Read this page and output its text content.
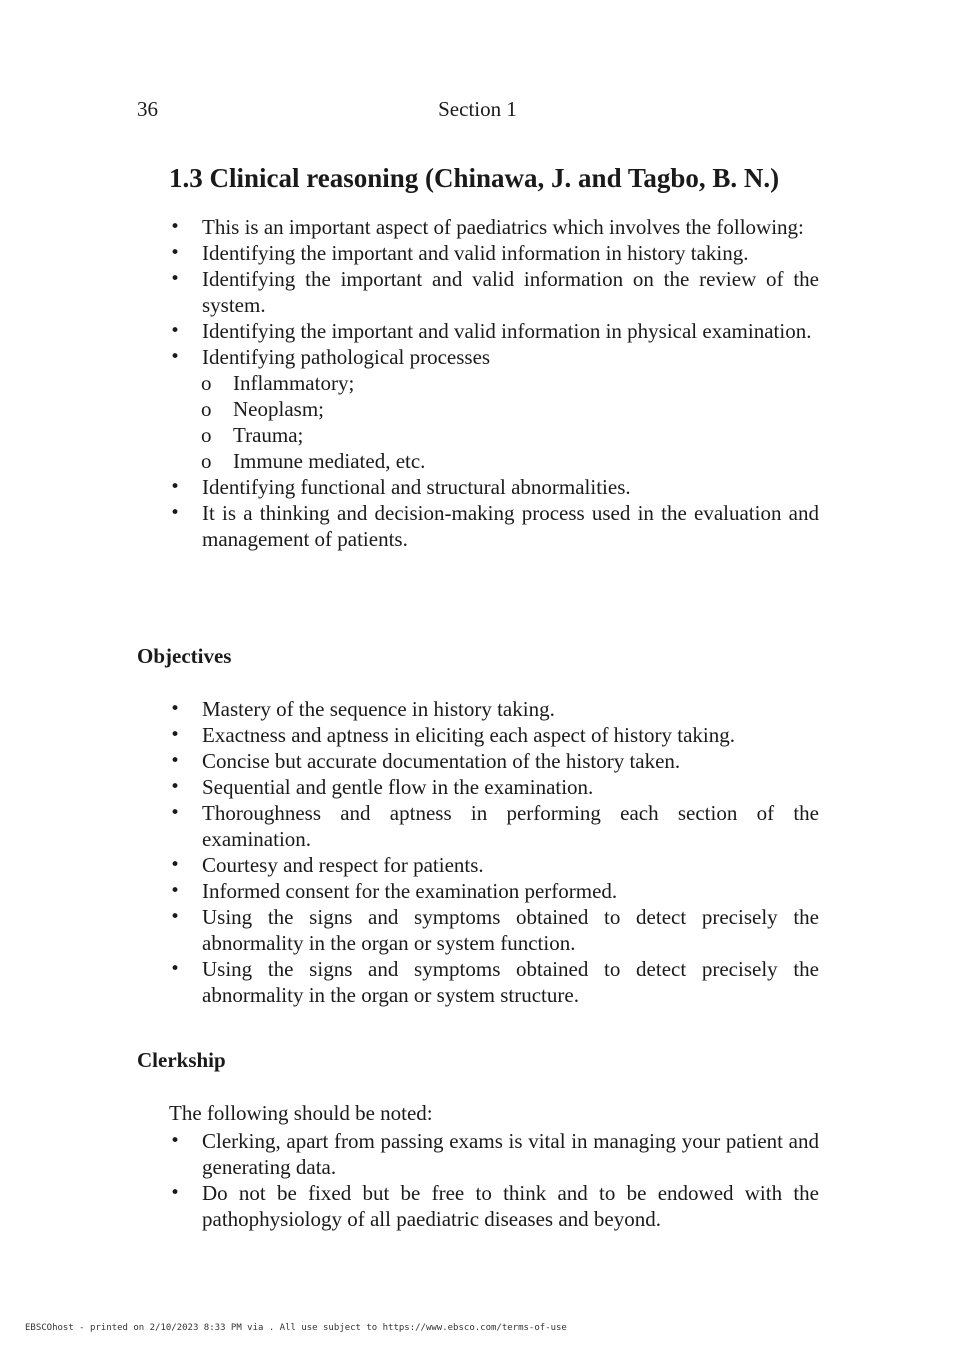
36	Section 1
1.3 Clinical reasoning (Chinawa, J. and Tagbo, B. N.)
• This is an important aspect of paediatrics which involves the following:
• Identifying the important and valid information in history taking.
• Identifying the important and valid information on the review of the system.
• Identifying the important and valid information in physical examination.
• Identifying pathological processes
o Inflammatory;
o Neoplasm;
o Trauma;
o Immune mediated, etc.
• Identifying functional and structural abnormalities.
• It is a thinking and decision-making process used in the evaluation and management of patients.
Objectives
• Mastery of the sequence in history taking.
• Exactness and aptness in eliciting each aspect of history taking.
• Concise but accurate documentation of the history taken.
• Sequential and gentle flow in the examination.
• Thoroughness and aptness in performing each section of the examination.
• Courtesy and respect for patients.
• Informed consent for the examination performed.
• Using the signs and symptoms obtained to detect precisely the abnormality in the organ or system function.
• Using the signs and symptoms obtained to detect precisely the abnormality in the organ or system structure.
Clerkship

The following should be noted:

• Clerking, apart from passing exams is vital in managing your patient and generating data.
• Do not be fixed but be free to think and to be endowed with the pathophysiology of all paediatric diseases and beyond.
EBSCOhost - printed on 2/10/2023 8:33 PM via . All use subject to https://www.ebsco.com/terms-of-use
